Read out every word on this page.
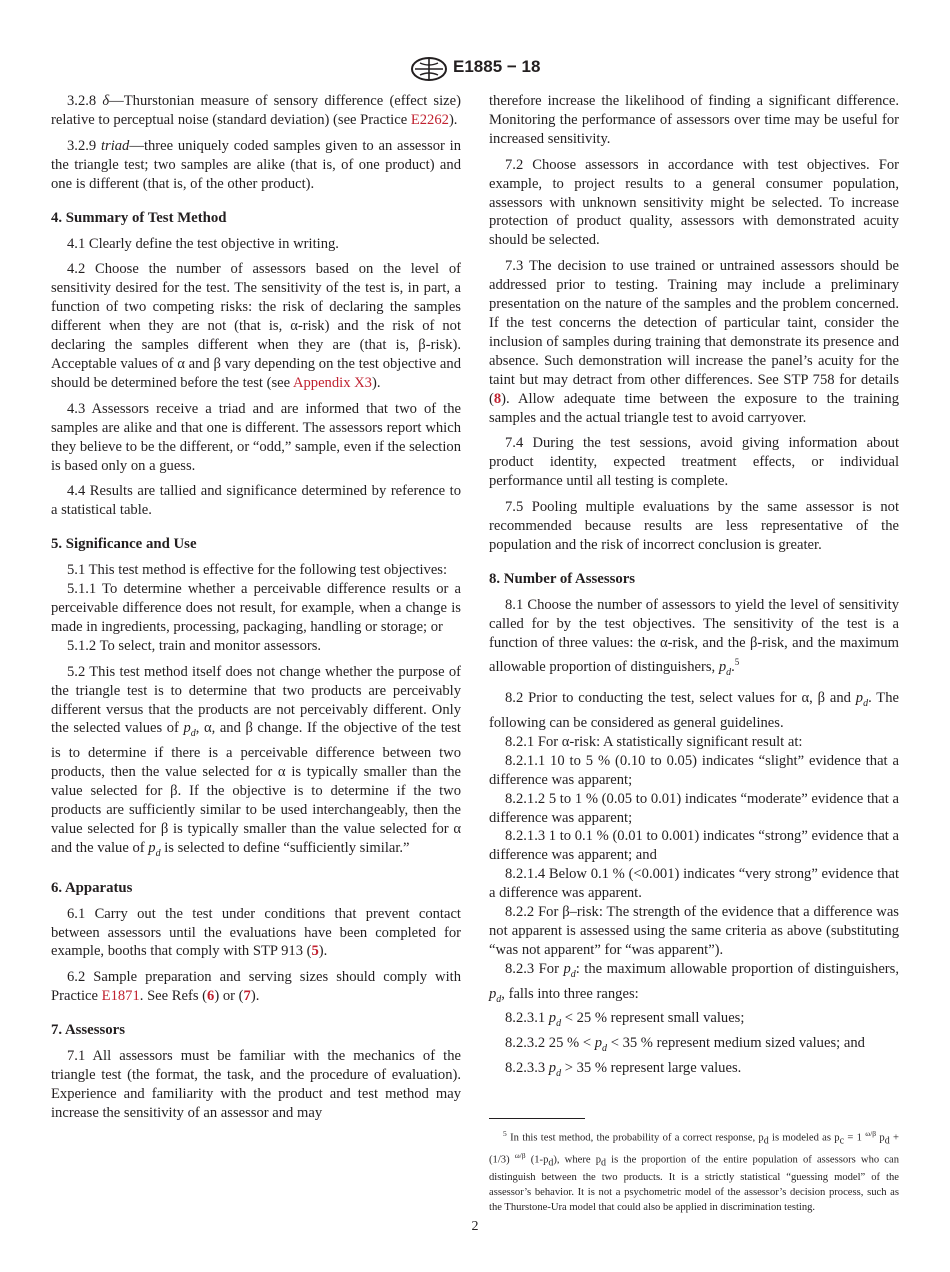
E1885 − 18

3.2.8 δ—Thurstonian measure of sensory difference (effect size) relative to perceptual noise (standard deviation) (see Practice E2262).

3.2.9 triad—three uniquely coded samples given to an assessor in the triangle test; two samples are alike (that is, of one product) and one is different (that is, of the other product).

4. Summary of Test Method

4.1 Clearly define the test objective in writing.

4.2 Choose the number of assessors based on the level of sensitivity desired for the test. The sensitivity of the test is, in part, a function of two competing risks: the risk of declaring the samples different when they are not (that is, α-risk) and the risk of not declaring the samples different when they are (that is, β-risk). Acceptable values of α and β vary depending on the test objective and should be determined before the test (see Appendix X3).

4.3 Assessors receive a triad and are informed that two of the samples are alike and that one is different. The assessors report which they believe to be the different, or “odd,” sample, even if the selection is based only on a guess.

4.4 Results are tallied and significance determined by reference to a statistical table.

5. Significance and Use

5.1 This test method is effective for the following test objectives:

5.1.1 To determine whether a perceivable difference results or a perceivable difference does not result, for example, when a change is made in ingredients, processing, packaging, handling or storage; or

5.1.2 To select, train and monitor assessors.

5.2 This test method itself does not change whether the purpose of the triangle test is to determine that two products are perceivably different versus that the products are not perceivably different. Only the selected values of $p_d$, α, and β change. If the objective of the test is to determine if there is a perceivable difference between two products, then the value selected for α is typically smaller than the value selected for β. If the objective is to determine if the two products are sufficiently similar to be used interchangeably, then the value selected for β is typically smaller than the value selected for α and the value of $p_d$ is selected to define “sufficiently similar.”

6. Apparatus

6.1 Carry out the test under conditions that prevent contact between assessors until the evaluations have been completed for example, booths that comply with STP 913 (5).

6.2 Sample preparation and serving sizes should comply with Practice E1871. See Refs (6) or (7).

7. Assessors

7.1 All assessors must be familiar with the mechanics of the triangle test (the format, the task, and the procedure of evaluation). Experience and familiarity with the product and test method may increase the sensitivity of an assessor and may

therefore increase the likelihood of finding a significant difference. Monitoring the performance of assessors over time may be useful for increased sensitivity.

7.2 Choose assessors in accordance with test objectives. For example, to project results to a general consumer population, assessors with unknown sensitivity might be selected. To increase protection of product quality, assessors with demonstrated acuity should be selected.

7.3 The decision to use trained or untrained assessors should be addressed prior to testing. Training may include a preliminary presentation on the nature of the samples and the problem concerned. If the test concerns the detection of particular taint, consider the inclusion of samples during training that demonstrate its presence and absence. Such demonstration will increase the panel’s acuity for the taint but may detract from other differences. See STP 758 for details (8). Allow adequate time between the exposure to the training samples and the actual triangle test to avoid carryover.

7.4 During the test sessions, avoid giving information about product identity, expected treatment effects, or individual performance until all testing is complete.

7.5 Pooling multiple evaluations by the same assessor is not recommended because results are less representative of the population and the risk of incorrect conclusion is greater.

8. Number of Assessors

8.1 Choose the number of assessors to yield the level of sensitivity called for by the test objectives. The sensitivity of the test is a function of three values: the α-risk, and the β-risk, and the maximum allowable proportion of distinguishers, $p_d.^5$

8.2 Prior to conducting the test, select values for α, β and $p_d$. The following can be considered as general guidelines.

8.2.1 For α-risk: A statistically significant result at:

8.2.1.1 10 to 5 % (0.10 to 0.05) indicates “slight” evidence that a difference was apparent;

8.2.1.2 5 to 1 % (0.05 to 0.01) indicates “moderate” evidence that a difference was apparent;

8.2.1.3 1 to 0.1 % (0.01 to 0.001) indicates “strong” evidence that a difference was apparent; and

8.2.1.4 Below 0.1 % (<0.001) indicates “very strong” evidence that a difference was apparent.

8.2.2 For β–risk: The strength of the evidence that a difference was not apparent is assessed using the same criteria as above (substituting “was not apparent” for “was apparent”).

8.2.3 For $p_d$: the maximum allowable proportion of distinguishers, $p_d$, falls into three ranges:

8.2.3.1 $p_d < 25$ % represent small values;

8.2.3.2 25 % < $p_d < 35$ % represent medium sized values; and

8.2.3.3 $p_d > 35$ % represent large values.

$^5$ In this test method, the probability of a correct response, $p_d$ is modeled as $p_c = 1$ $^{\omega/\beta}$ $p_d + (1/3)$ $^{\omega/\beta}$ $(1-p_d)$, where $p_d$ is the proportion of the entire population of assessors who can distinguish between the two products. It is a strictly statistical “guessing model” of the assessor’s behavior. It is not a psychometric model of the assessor’s decision process, such as the Thurstone-Ura model that could also be applied in discrimination testing.

2
